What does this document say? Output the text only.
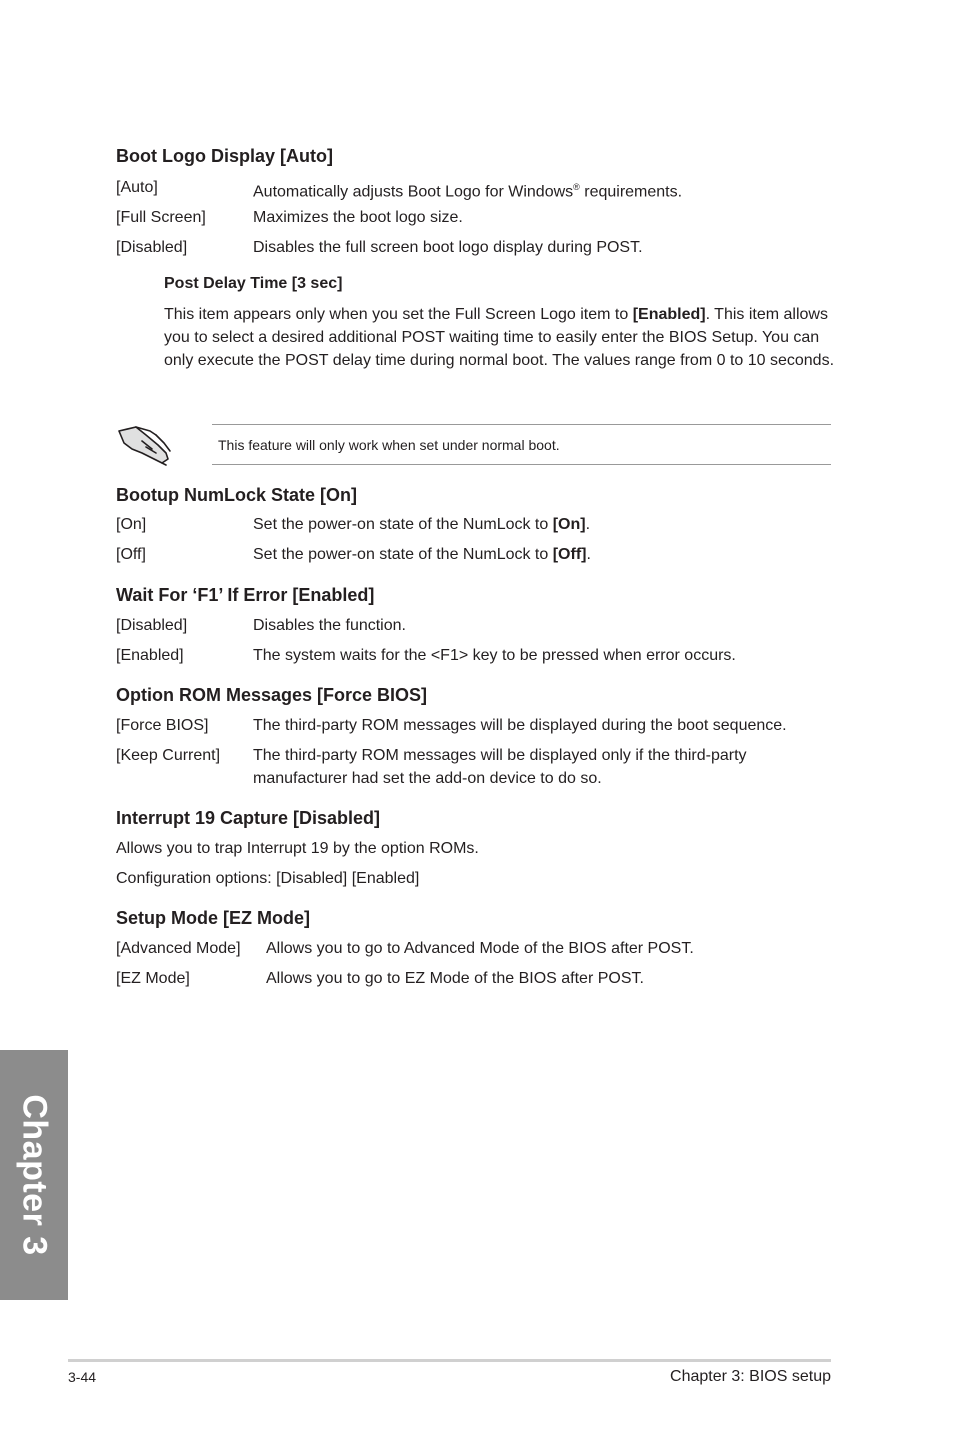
Boot Logo Display [Auto]
[Auto]	Automatically adjusts Boot Logo for Windows® requirements.
[Full Screen]	Maximizes the boot logo size.
[Disabled]	Disables the full screen boot logo display during POST.
Post Delay Time [3 sec]
This item appears only when you set the Full Screen Logo item to [Enabled]. This item allows you to select a desired additional POST waiting time to easily enter the BIOS Setup. You can only execute the POST delay time during normal boot. The values range from 0 to 10 seconds.
This feature will only work when set under normal boot.
Bootup NumLock State [On]
[On]	Set the power-on state of the NumLock to [On].
[Off]	Set the power-on state of the NumLock to [Off].
Wait For ‘F1’ If Error [Enabled]
[Disabled]	Disables the function.
[Enabled]	The system waits for the <F1> key to be pressed when error occurs.
Option ROM Messages [Force BIOS]
[Force BIOS]	The third-party ROM messages will be displayed during the boot sequence.
[Keep Current] The third-party ROM messages will be displayed only if the third-party
manufacturer had set the add-on device to do so.
Interrupt 19 Capture [Disabled]
Allows you to trap Interrupt 19 by the option ROMs.
Configuration options: [Disabled] [Enabled]
Setup Mode [EZ Mode]
[Advanced Mode] Allows you to go to Advanced Mode of the BIOS after POST.
[EZ Mode]	Allows you to go to EZ Mode of the BIOS after POST.
Chapter 3
3-44	Chapter 3: BIOS setup
